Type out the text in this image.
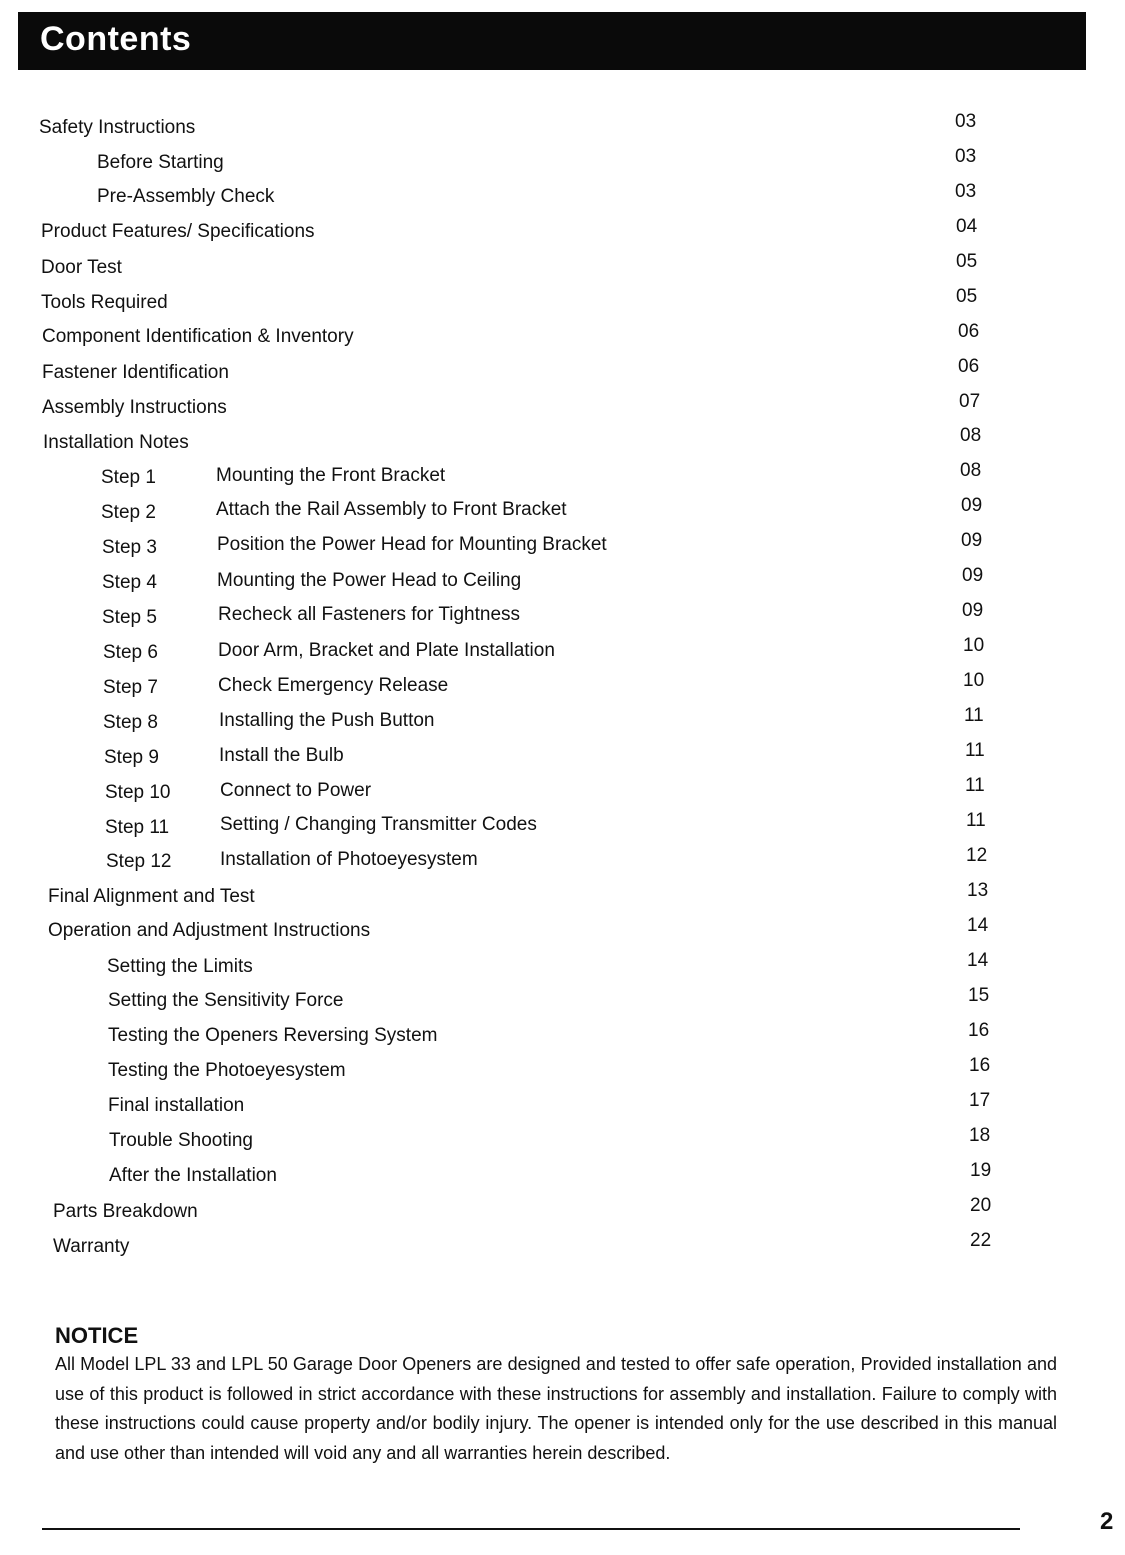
Contents
Safety Instructions	03
Before Starting	03
Pre-Assembly Check	03
Product Features/ Specifications	04
Door Test	05
Tools Required	05
Component Identification & Inventory	06
Fastener Identification	06
Assembly Instructions	07
Installation Notes	08
Step 1	Mounting the Front Bracket	08
Step 2	Attach the Rail Assembly to Front Bracket	09
Step 3	Position the Power Head for Mounting Bracket	09
Step 4	Mounting the Power Head to Ceiling	09
Step 5	Recheck all Fasteners for Tightness	09
Step 6	Door Arm, Bracket and Plate Installation	10
Step 7	Check Emergency Release	10
Step 8	Installing the Push Button	11
Step 9	Install the Bulb	11
Step 10	Connect to Power	11
Step 11	Setting / Changing Transmitter Codes	11
Step 12	Installation of Photoeyesystem	12
Final Alignment and Test	13
Operation and Adjustment Instructions	14
Setting the Limits	14
Setting the Sensitivity Force	15
Testing the Openers Reversing System	16
Testing the Photoeyesystem	16
Final installation	17
Trouble Shooting	18
After the Installation	19
Parts Breakdown	20
Warranty	22
NOTICE
All Model LPL 33 and LPL 50 Garage Door Openers are designed and tested to offer safe operation, Provided installation and use of this product is followed in strict accordance with these instructions for assembly and installation. Failure to comply with these instructions could cause property and/or bodily injury. The opener is intended only for the use described in this manual and use other than intended will void any and all warranties herein described.
2
